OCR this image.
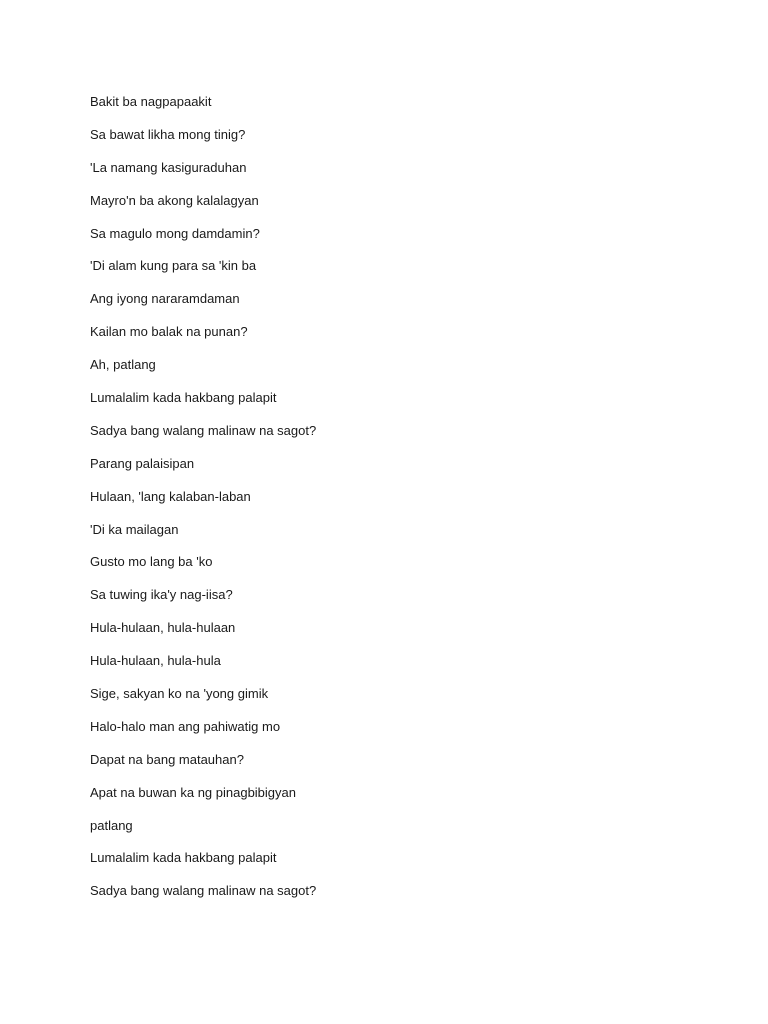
Bakit ba nagpapaakit
Sa bawat likha mong tinig?
'La namang kasiguraduhan
Mayro'n ba akong kalalagyan
Sa magulo mong damdamin?
'Di alam kung para sa 'kin ba
Ang iyong nararamdaman
Kailan mo balak na punan?
Ah, patlang
Lumalalim kada hakbang palapit
Sadya bang walang malinaw na sagot?
Parang palaisipan
Hulaan, 'lang kalaban-laban
'Di ka mailagan
Gusto mo lang ba 'ko
Sa tuwing ika'y nag-iisa?
Hula-hulaan, hula-hulaan
Hula-hulaan, hula-hula
Sige, sakyan ko na 'yong gimik
Halo-halo man ang pahiwatig mo
Dapat na bang matauhan?
Apat na buwan ka ng pinagbibigyan
patlang
Lumalalim kada hakbang palapit
Sadya bang walang malinaw na sagot?
